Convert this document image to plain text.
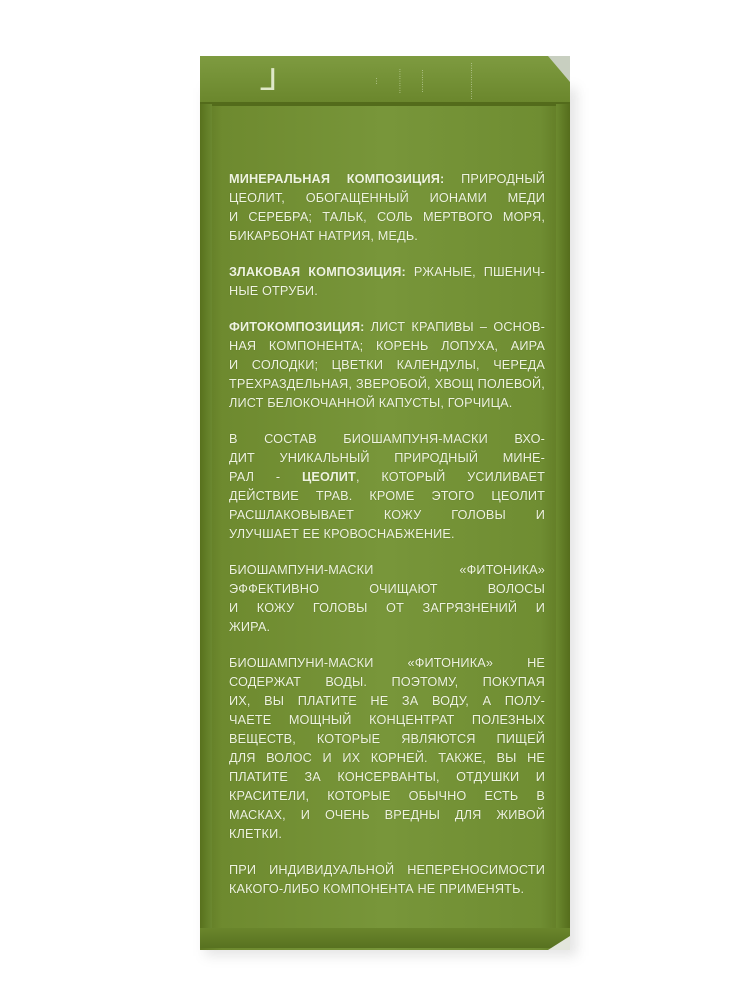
⅃	···	···········	··········	················
МИНЕРАЛЬНАЯ КОМПОЗИЦИЯ: ПРИРОДНЫЙ
ЦЕОЛИТ, ОБОГАЩЕННЫЙ ИОНАМИ МЕДИ
И СЕРЕБРА; ТАЛЬК, СОЛЬ МЕРТВОГО МОРЯ,
БИКАРБОНАТ НАТРИЯ, МЕДЬ.
ЗЛАКОВАЯ КОМПОЗИЦИЯ: РЖАНЫЕ, ПШЕНИЧ-
НЫЕ ОТРУБИ.
ФИТОКОМПОЗИЦИЯ: ЛИСТ КРАПИВЫ – ОСНОВ-
НАЯ КОМПОНЕНТА; КОРЕНЬ ЛОПУХА, АИРА
И СОЛОДКИ; ЦВЕТКИ КАЛЕНДУЛЫ, ЧЕРЕДА
ТРЕХРАЗДЕЛЬНАЯ, ЗВЕРОБОЙ, ХВОЩ ПОЛЕВОЙ,
ЛИСТ БЕЛОКОЧАННОЙ КАПУСТЫ, ГОРЧИЦА.
В СОСТАВ БИОШАМПУНЯ-МАСКИ ВХО-
ДИТ УНИКАЛЬНЫЙ ПРИРОДНЫЙ МИНЕ-
РАЛ - ЦЕОЛИТ, КОТОРЫЙ УСИЛИВАЕТ
ДЕЙСТВИЕ ТРАВ. КРОМЕ ЭТОГО ЦЕОЛИТ
РАСШЛАКОВЫВАЕТ КОЖУ ГОЛОВЫ И
УЛУЧШАЕТ ЕЕ КРОВОСНАБЖЕНИЕ.
БИОШАМПУНИ-МАСКИ «ФИТОНИКА»
ЭФФЕКТИВНО ОЧИЩАЮТ ВОЛОСЫ
И КОЖУ ГОЛОВЫ ОТ ЗАГРЯЗНЕНИЙ И
ЖИРА.
БИОШАМПУНИ-МАСКИ «ФИТОНИКА» НЕ
СОДЕРЖАТ ВОДЫ. ПОЭТОМУ, ПОКУПАЯ
ИХ, ВЫ ПЛАТИТЕ НЕ ЗА ВОДУ, А ПОЛУ-
ЧАЕТЕ МОЩНЫЙ КОНЦЕНТРАТ ПОЛЕЗНЫХ
ВЕЩЕСТВ, КОТОРЫЕ ЯВЛЯЮТСЯ ПИЩЕЙ
ДЛЯ ВОЛОС И ИХ КОРНЕЙ. ТАКЖЕ, ВЫ НЕ
ПЛАТИТЕ ЗА КОНСЕРВАНТЫ, ОТДУШКИ И
КРАСИТЕЛИ, КОТОРЫЕ ОБЫЧНО ЕСТЬ В
МАСКАХ, И ОЧЕНЬ ВРЕДНЫ ДЛЯ ЖИВОЙ
КЛЕТКИ.
ПРИ ИНДИВИДУАЛЬНОЙ НЕПЕРЕНОСИМОСТИ
КАКОГО-ЛИБО КОМПОНЕНТА НЕ ПРИМЕНЯТЬ.
